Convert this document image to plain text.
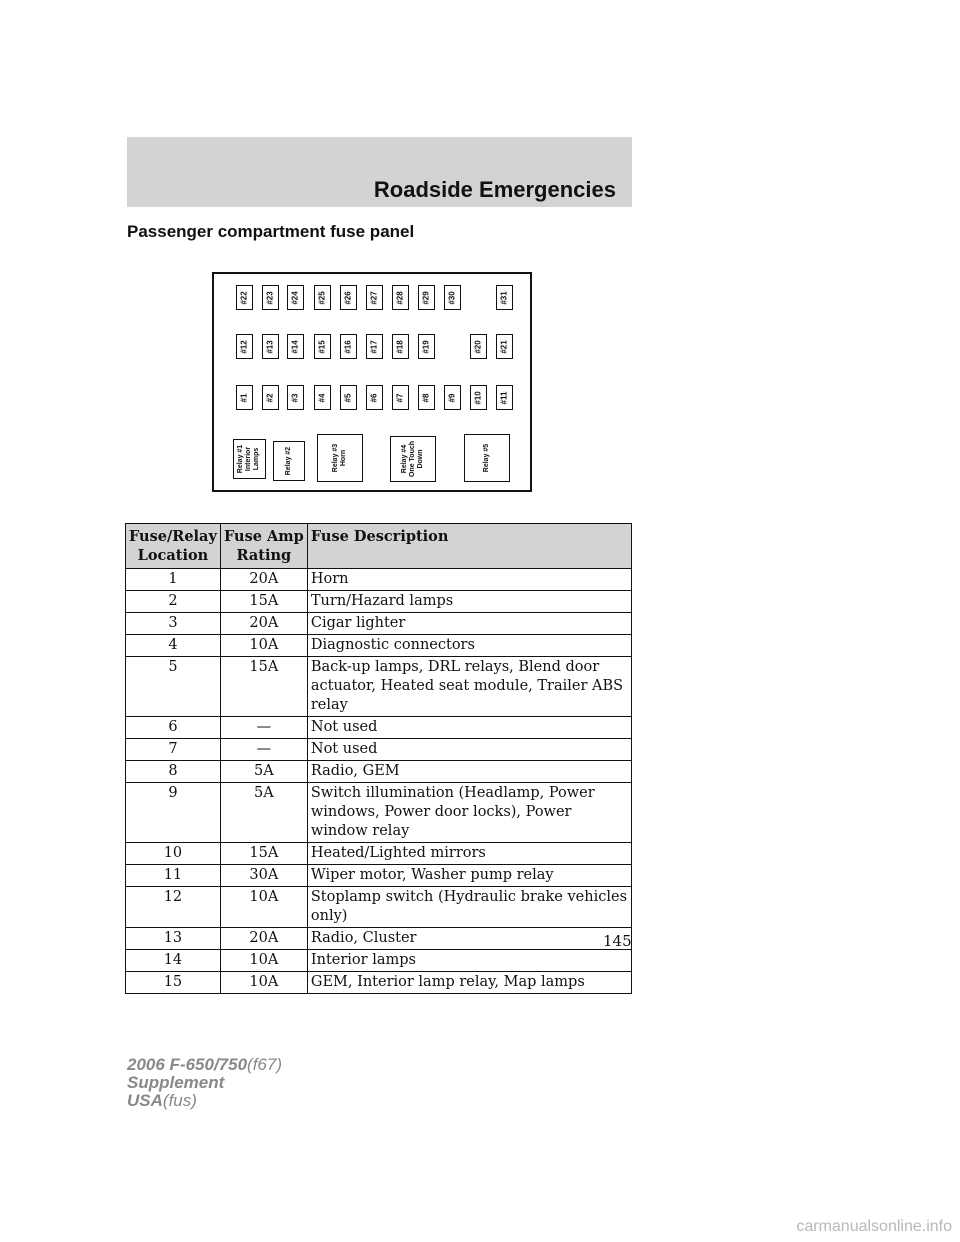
Roadside Emergencies
Passenger compartment fuse panel
#22 #23 #24 #25 #26 #27 #28 #29 #30	#31
#12 #13 #14 #15 #16 #17 #18 #19	#20 #21
#1 #2 #3 #4 #5 #6 #7 #8 #9 #10 #11
Relay #1
Interior
Lamps	Relay #2	Relay #3
Horn	Relay #4
One Touch
Down	Relay #5
Fuse/Relay Location	Fuse Amp Rating	Fuse Description
1	20A	Horn
2	15A	Turn/Hazard lamps
3	20A	Cigar lighter
4	10A	Diagnostic connectors
5	15A	Back-up lamps, DRL relays, Blend door actuator, Heated seat module, Trailer ABS relay
6	—	Not used
7	—	Not used
8	5A	Radio, GEM
9	5A	Switch illumination (Headlamp, Power windows, Power door locks), Power window relay
10	15A	Heated/Lighted mirrors
11	30A	Wiper motor, Washer pump relay
12	10A	Stoplamp switch (Hydraulic brake vehicles only)
13	20A	Radio, Cluster
14	10A	Interior lamps
15	10A	GEM, Interior lamp relay, Map lamps
145
2006 F-650/750(f67)
Supplement
USA(fus)
carmanualsonline.info
